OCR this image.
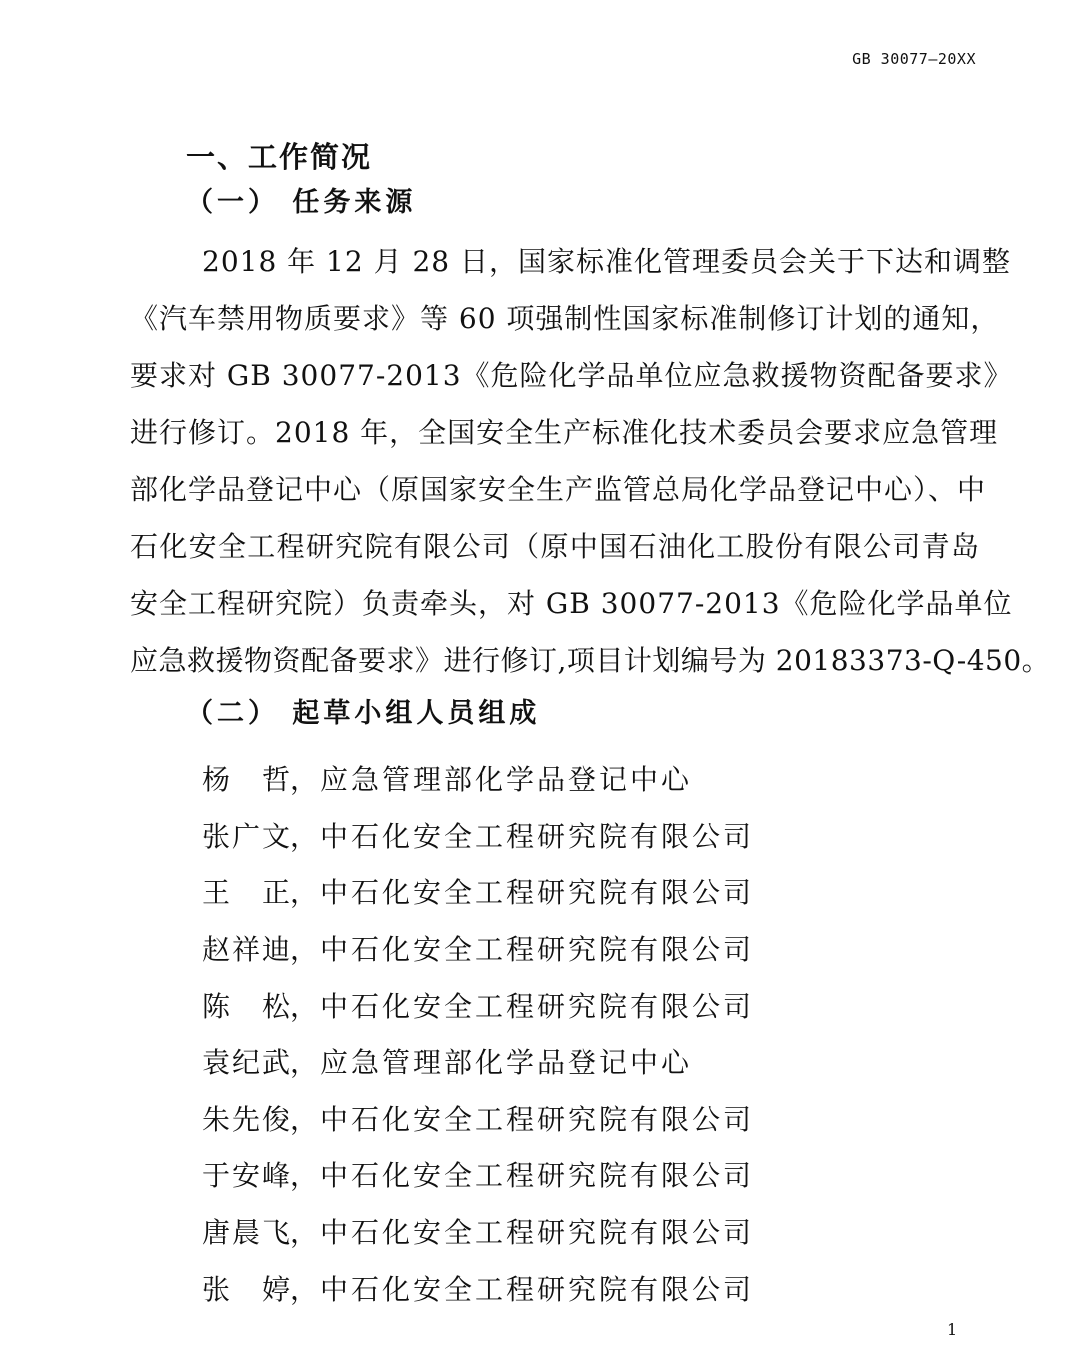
GB 30077—20XX
一、工作简况
（一） 任务来源
2018 年 12 月 28 日，国家标准化管理委员会关于下达和调整
《汽车禁用物质要求》等 60 项强制性国家标准制修订计划的通知，
要求对 GB 30077-2013《危险化学品单位应急救援物资配备要求》
进行修订。2018 年，全国安全生产标准化技术委员会要求应急管理
部化学品登记中心（原国家安全生产监管总局化学品登记中心）、中
石化安全工程研究院有限公司（原中国石油化工股份有限公司青岛
安全工程研究院）负责牵头，对 GB 30077-2013《危险化学品单位
应急救援物资配备要求》进行修订,项目计划编号为 20183373-Q-450。
（二） 起草小组人员组成
杨哲 ， 应急管理部化学品登记中心
张广文 ， 中石化安全工程研究院有限公司
王正 ， 中石化安全工程研究院有限公司
赵祥迪 ， 中石化安全工程研究院有限公司
陈松 ， 中石化安全工程研究院有限公司
袁纪武 ， 应急管理部化学品登记中心
朱先俊 ， 中石化安全工程研究院有限公司
于安峰 ， 中石化安全工程研究院有限公司
唐晨飞 ， 中石化安全工程研究院有限公司
张婷 ， 中石化安全工程研究院有限公司
1
